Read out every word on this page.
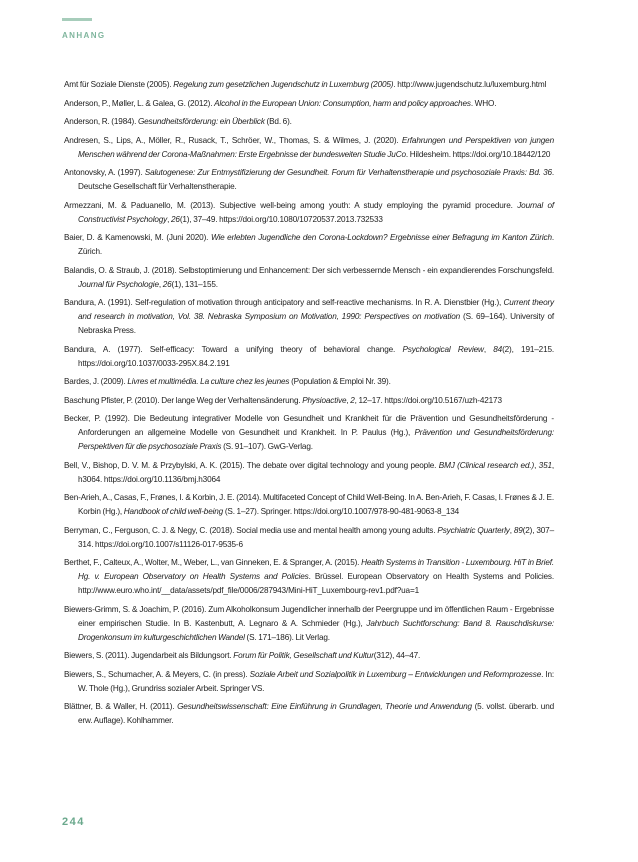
ANHANG

Amt für Soziale Dienste (2005). Regelung zum gesetzlichen Jugendschutz in Luxemburg (2005). http://www.jugendschutz.lu/luxemburg.html

Anderson, P., Møller, L. & Galea, G. (2012). Alcohol in the European Union: Consumption, harm and policy approaches. WHO.

Anderson, R. (1984). Gesundheitsförderung: ein Überblick (Bd. 6).

Andresen, S., Lips, A., Möller, R., Rusack, T., Schröer, W., Thomas, S. & Wilmes, J. (2020). Erfahrungen und Perspektiven von jungen Menschen während der Corona-Maßnahmen: Erste Ergebnisse der bundesweiten Studie JuCo. Hildesheim. https://doi.org/10.18442/120

Antonovsky, A. (1997). Salutogenese: Zur Entmystifizierung der Gesundheit. Forum für Verhaltenstherapie und psychosoziale Praxis: Bd. 36. Deutsche Gesellschaft für Verhaltenstherapie.

Armezzani, M. & Paduanello, M. (2013). Subjective well-being among youth: A study employing the pyramid procedure. Journal of Constructivist Psychology, 26(1), 37–49. https://doi.org/10.1080/10720537.2013.732533

Baier, D. & Kamenowski, M. (Juni 2020). Wie erlebten Jugendliche den Corona-Lockdown? Ergebnisse einer Befragung im Kanton Zürich. Zürich.

Balandis, O. & Straub, J. (2018). Selbstoptimierung und Enhancement: Der sich verbessernde Mensch - ein expandierendes Forschungsfeld. Journal für Psychologie, 26(1), 131–155.

Bandura, A. (1991). Self-regulation of motivation through anticipatory and self-reactive mechanisms. In R. A. Dienstbier (Hg.), Current theory and research in motivation, Vol. 38. Nebraska Symposium on Motivation, 1990: Perspectives on motivation (S. 69–164). University of Nebraska Press.

Bandura, A. (1977). Self-efficacy: Toward a unifying theory of behavioral change. Psychological Review, 84(2), 191–215. https://doi.org/10.1037/0033-295X.84.2.191

Bardes, J. (2009). Livres et multimédia. La culture chez les jeunes (Population & Emploi Nr. 39).

Baschung Pfister, P. (2010). Der lange Weg der Verhaltensänderung. Physioactive, 2, 12–17. https://doi.org/10.5167/uzh-42173

Becker, P. (1992). Die Bedeutung integrativer Modelle von Gesundheit und Krankheit für die Prävention und Gesundheitsförderung - Anforderungen an allgemeine Modelle von Gesundheit und Krankheit. In P. Paulus (Hg.), Prävention und Gesundheitsförderung: Perspektiven für die psychosoziale Praxis (S. 91–107). GwG-Verlag.

Bell, V., Bishop, D. V. M. & Przybylski, A. K. (2015). The debate over digital technology and young people. BMJ (Clinical research ed.), 351, h3064. https://doi.org/10.1136/bmj.h3064

Ben-Arieh, A., Casas, F., Frønes, I. & Korbin, J. E. (2014). Multifaceted Concept of Child Well-Being. In A. Ben-Arieh, F. Casas, I. Frønes & J. E. Korbin (Hg.), Handbook of child well-being (S. 1–27). Springer. https://doi.org/10.1007/978-90-481-9063-8_134

Berryman, C., Ferguson, C. J. & Negy, C. (2018). Social media use and mental health among young adults. Psychiatric Quarterly, 89(2), 307–314. https://doi.org/10.1007/s11126-017-9535-6

Berthet, F., Calteux, A., Wolter, M., Weber, L., van Ginneken, E. & Spranger, A. (2015). Health Systems in Transition - Luxembourg. HiT in Brief. Hg. v. European Observatory on Health Systems and Policies. Brüssel. European Observatory on Health Systems and Policies. http://www.euro.who.int/__data/assets/pdf_file/0006/287943/Mini-HiT_Luxembourg-rev1.pdf?ua=1

Biewers-Grimm, S. & Joachim, P. (2016). Zum Alkoholkonsum Jugendlicher innerhalb der Peergruppe und im öffentlichen Raum - Ergebnisse einer empirischen Studie. In B. Kastenbutt, A. Legnaro & A. Schmieder (Hg.), Jahrbuch Suchtforschung: Band 8. Rauschdiskurse: Drogenkonsum im kulturgeschichtlichen Wandel (S. 171–186). Lit Verlag.

Biewers, S. (2011). Jugendarbeit als Bildungsort. Forum für Politik, Gesellschaft und Kultur(312), 44–47.

Biewers, S., Schumacher, A. & Meyers, C. (in press). Soziale Arbeit und Sozialpolitik in Luxemburg – Entwicklungen und Reformprozesse. In: W. Thole (Hg.), Grundriss sozialer Arbeit. Springer VS.

Blättner, B. & Waller, H. (2011). Gesundheitswissenschaft: Eine Einführung in Grundlagen, Theorie und Anwendung (5. vollst. überarb. und erw. Auflage). Kohlhammer.

244
